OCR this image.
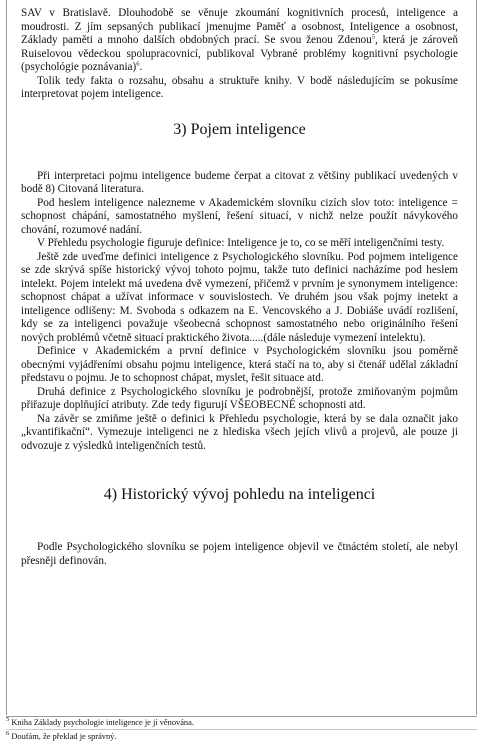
SAV v Bratislavě. Dlouhodobě se věnuje zkoumání kognitivních procesů, inteligence a moudrosti. Z jím sepsaných publikací jmenujme Paměť a osobnost, Inteligence a osobnost, Základy paměti a mnoho dalších obdobných prací. Se svou ženou Zdenou$^5$, která je zároveň Ruiselovou vědeckou spolupracovnicí, publikoval Vybrané problémy kognitivní psychologie (psychológie poznávania)$^6$.

Tolik tedy fakta o rozsahu, obsahu a struktuře knihy. V bodě následujícím se pokusíme interpretovat pojem inteligence.

3) Pojem inteligence

Při interpretaci pojmu inteligence budeme čerpat a citovat z většiny publikací uvedených v bodě 8) Citovaná literatura.

Pod heslem inteligence nalezneme v Akademickém slovníku cizích slov toto: inteligence = schopnost chápání, samostatného myšlení, řešení situací, v nichž nelze použít návykového chování, rozumové nadání.

V Přehledu psychologie figuruje definice: Inteligence je to, co se měří inteligenčními testy.

Ještě zde uveďme definici inteligence z Psychologického slovníku. Pod pojmem inteligence se zde skrývá spíše historický vývoj tohoto pojmu, takže tuto definici nacházíme pod heslem intelekt. Pojem intelekt má uvedena dvě vymezení, přičemž v prvním je synonymem inteligence: schopnost chápat a užívat informace v souvislostech. Ve druhém jsou však pojmy inetekt a inteligence odlišeny: M. Svoboda s odkazem na E. Vencovského a J. Dobiáše uvádí rozlišení, kdy se za inteligenci považuje všeobecná schopnost samostatného nebo originálního řešení nových problémů včetně situací praktického života.....(dále následuje vymezení intelektu).

Definice v Akademickém a první definice v Psychologickém slovníku jsou poměrně obecnými vyjádřeními obsahu pojmu inteligence, která stačí na to, aby si čtenář udělal základní představu o pojmu. Je to schopnost chápat, myslet, řešit situace atd.

Druhá definice z Psychologického slovníku je podrobnější, protože zmiňovaným pojmům přiřazuje doplňující atributy. Zde tedy figurují VŠEOBECNÉ schopnosti atd.

Na závěr se zmiňme ještě o definici k Přehledu psychologie, která by se dala označit jako „kvantifikační“. Vymezuje inteligenci ne z hlediska všech jejích vlivů a projevů, ale pouze ji odvozuje z výsledků inteligenčních testů.

4) Historický vývoj pohledu na inteligenci

Podle Psychologického slovníku se pojem inteligence objevil ve čtnáctém století, ale nebyl přesněji definován.

$^5$ Kniha Základy psychologie inteligence je jí věnována.
$^6$ Doufám, že překlad je správný.
